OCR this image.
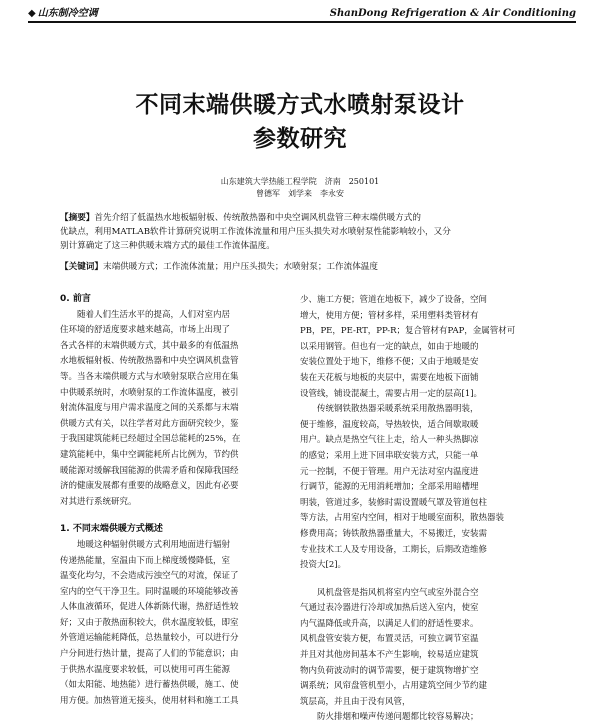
◆ 山东制冷空调	ShanDong Refrigeration & Air Conditioning
不同末端供暖方式水喷射泵设计
参数研究
山东建筑大学热能工程学院　济南　250101
曾德军　刘学来　李永安
【摘要】首先介绍了低温热水地板辐射板、传统散热器和中央空调风机盘管三种末端供暖方式的
优缺点，利用MATLAB软件计算研究说明工作流体流量和用户压头损失对水喷射泵性能影响较小，又分
别计算确定了这三种供暖末端方式的最佳工作流体温度。
【关键词】末端供暖方式；工作流体流量；用户压头损失；水喷射泵；工作流体温度
0. 前言
随着人们生活水平的提高，人们对室内居
住环境的舒适度要求越来越高，市场上出现了
各式各样的末端供暖方式，其中最多的有低温热
水地板辐射板、传统散热器和中央空调风机盘管
等。当各末端供暖方式与水喷射泵联合应用在集
中供暖系统时，水喷射泵的工作流体温度，被引
射流体温度与用户需求温度之间的关系都与末端
供暖方式有关，以往学者对此方面研究较少，鉴
于我国建筑能耗已经超过全国总能耗的25%，在
建筑能耗中，集中空调能耗所占比例为，节约供
暖能源对缓解我国能源的供需矛盾和保障我国经
济的健康发展都有重要的战略意义，因此有必要
对其进行系统研究。
1. 不同末端供暖方式概述
地暖这种辐射供暖方式利用地面进行辐射
传递热能量，室温由下而上梯度缓慢降低，室
温变化均匀，不会造成污浊空气的对流，保证了
室内的空气干净卫生。同时温暖的环境能够改善
人体血液循环，促进人体新陈代谢，热舒适性较
好；又由于散热面积较大，供水温度较低，即室
外管道运输能耗降低，总热量较小，可以进行分
户分间进行热计量，提高了人们的节能意识；由
于供热水温度要求较低，可以使用可再生能源
（如太阳能、地热能）进行蓄热供暖，施工、使
用方便。加热管道无接头，使用材料和施工工具
少、施工方便；管道在地板下，减少了设备，空间
增大，使用方便；管材多样，采用塑料类管材有
PB，PE，PE-RT，PP-R；复合管材有PAP，金属管材可
以采用钢管。但也有一定的缺点，如由于地暖的
安装位置处于地下，维修不便；又由于地暖是安
装在天花板与地板的夹层中，需要在地板下面铺
设管线，铺设混凝土，需要占用一定的层高[1]。
传统钢铁散热器采暖系统采用散热器明装，
便于维修，温度较高，导热较快，适合间歇取暖
用户。缺点是热空气往上走，给人一种头热脚凉
的感觉；采用上进下回串联安装方式，只能一单
元一控制，不便于管理。用户无法对室内温度进
行调节，能源的无用消耗增加；全部采用暗槽埋
明装，管道过多，装修时需设置暖气罩及管道包柱
等方法，占用室内空间，相对于地暖室面积，散热器装
修费用高；铸铁散热器重量大，不易搬迁，安装需
专业技术工人及专用设备，工期长，后期改造维修
投资大[2]。
风机盘管是指风机将室内空气或室外混合空
气通过表冷器进行冷却或加热后送入室内，使室
内气温降低或升高，以满足人们的舒适性要求。
风机盘管安装方便，布置灵活，可独立调节室温
并且对其他房间基本不产生影响，较易适应建筑
物内负荷波动时的调节需要，便于建筑物增扩空
调系统；风帘盘管机型小，占用建筑空间少节约建
筑层高，并且由于没有风管，
防火排烟和噪声传递问题都比较容易解决；
